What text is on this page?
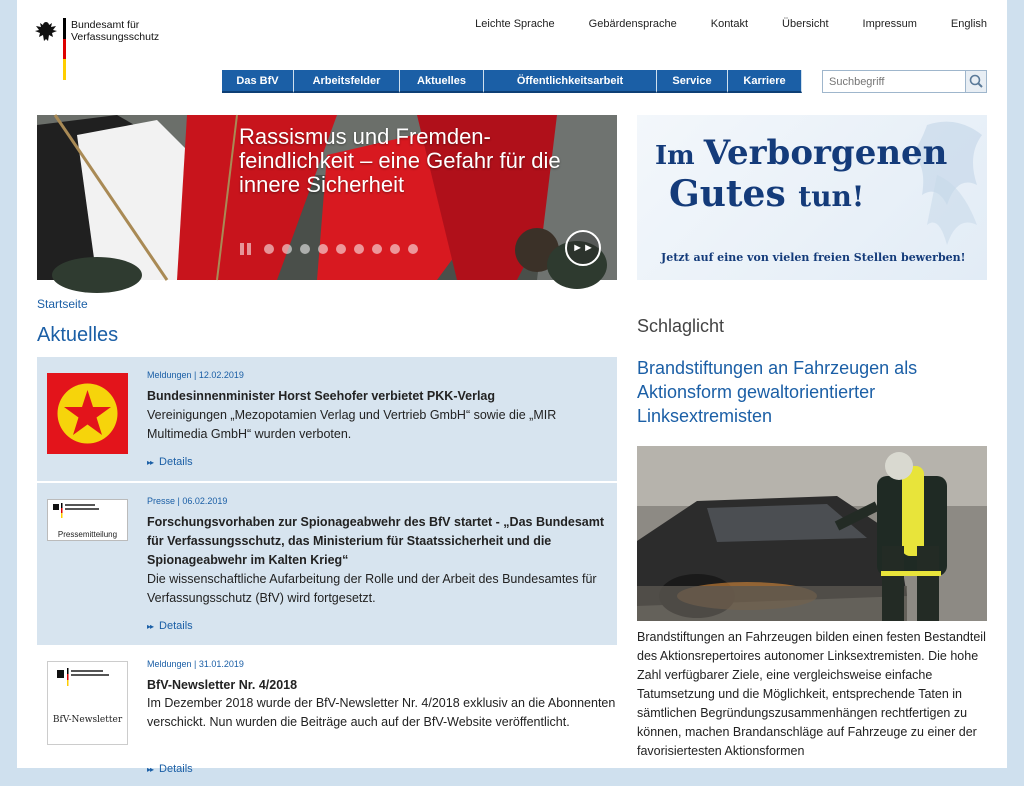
Bundesamt für
Verfassungsschutz
Leichte Sprache	Gebärdensprache	Kontakt	Übersicht	Impressum	English
Das BfV	Arbeitsfelder	Aktuelles	Öffentlichkeitsarbeit	Service	Karriere
Suchbegriff
Rassismus und Fremden-feindlichkeit – eine Gefahr für die innere Sicherheit
►►
Im Verborgenen
Gutes tun!
Jetzt auf eine von vielen freien Stellen bewerben!
Startseite
Aktuelles
Meldungen | 12.02.2019
Bundesinnenminister Horst Seehofer verbietet PKK-Verlag
Vereinigungen „Mezopotamien Verlag und Vertrieb GmbH“ sowie die „MIR Multimedia GmbH“ wurden verboten.
▸▸ Details
Pressemitteilung
Presse | 06.02.2019
Forschungsvorhaben zur Spionageabwehr des BfV startet - „Das Bundesamt für Verfassungsschutz, das Ministerium für Staatssicherheit und die Spionageabwehr im Kalten Krieg“
Die wissenschaftliche Aufarbeitung der Rolle und der Arbeit des Bundesamtes für Verfassungsschutz (BfV) wird fortgesetzt.
▸▸ Details
BfV-Newsletter
Meldungen | 31.01.2019
BfV-Newsletter Nr. 4/2018
Im Dezember 2018 wurde der BfV-Newsletter Nr. 4/2018 exklusiv an die Abonnenten verschickt. Nun wurden die Beiträge auch auf der BfV-Website veröffentlicht.
▸▸ Details
Schlaglicht
Brandstiftungen an Fahrzeugen als Aktionsform gewaltorientierter Linksextremisten
Brandstiftungen an Fahrzeugen bilden einen festen Bestandteil des Aktionsrepertoires autonomer Linksextremisten. Die hohe Zahl verfügbarer Ziele, eine vergleichsweise einfache Tatumsetzung und die Möglichkeit, entsprechende Taten in sämtlichen Begründungszusammenhängen rechtfertigen zu können, machen Brandanschläge auf Fahrzeuge zu einer der favorisiertesten Aktionsformen
